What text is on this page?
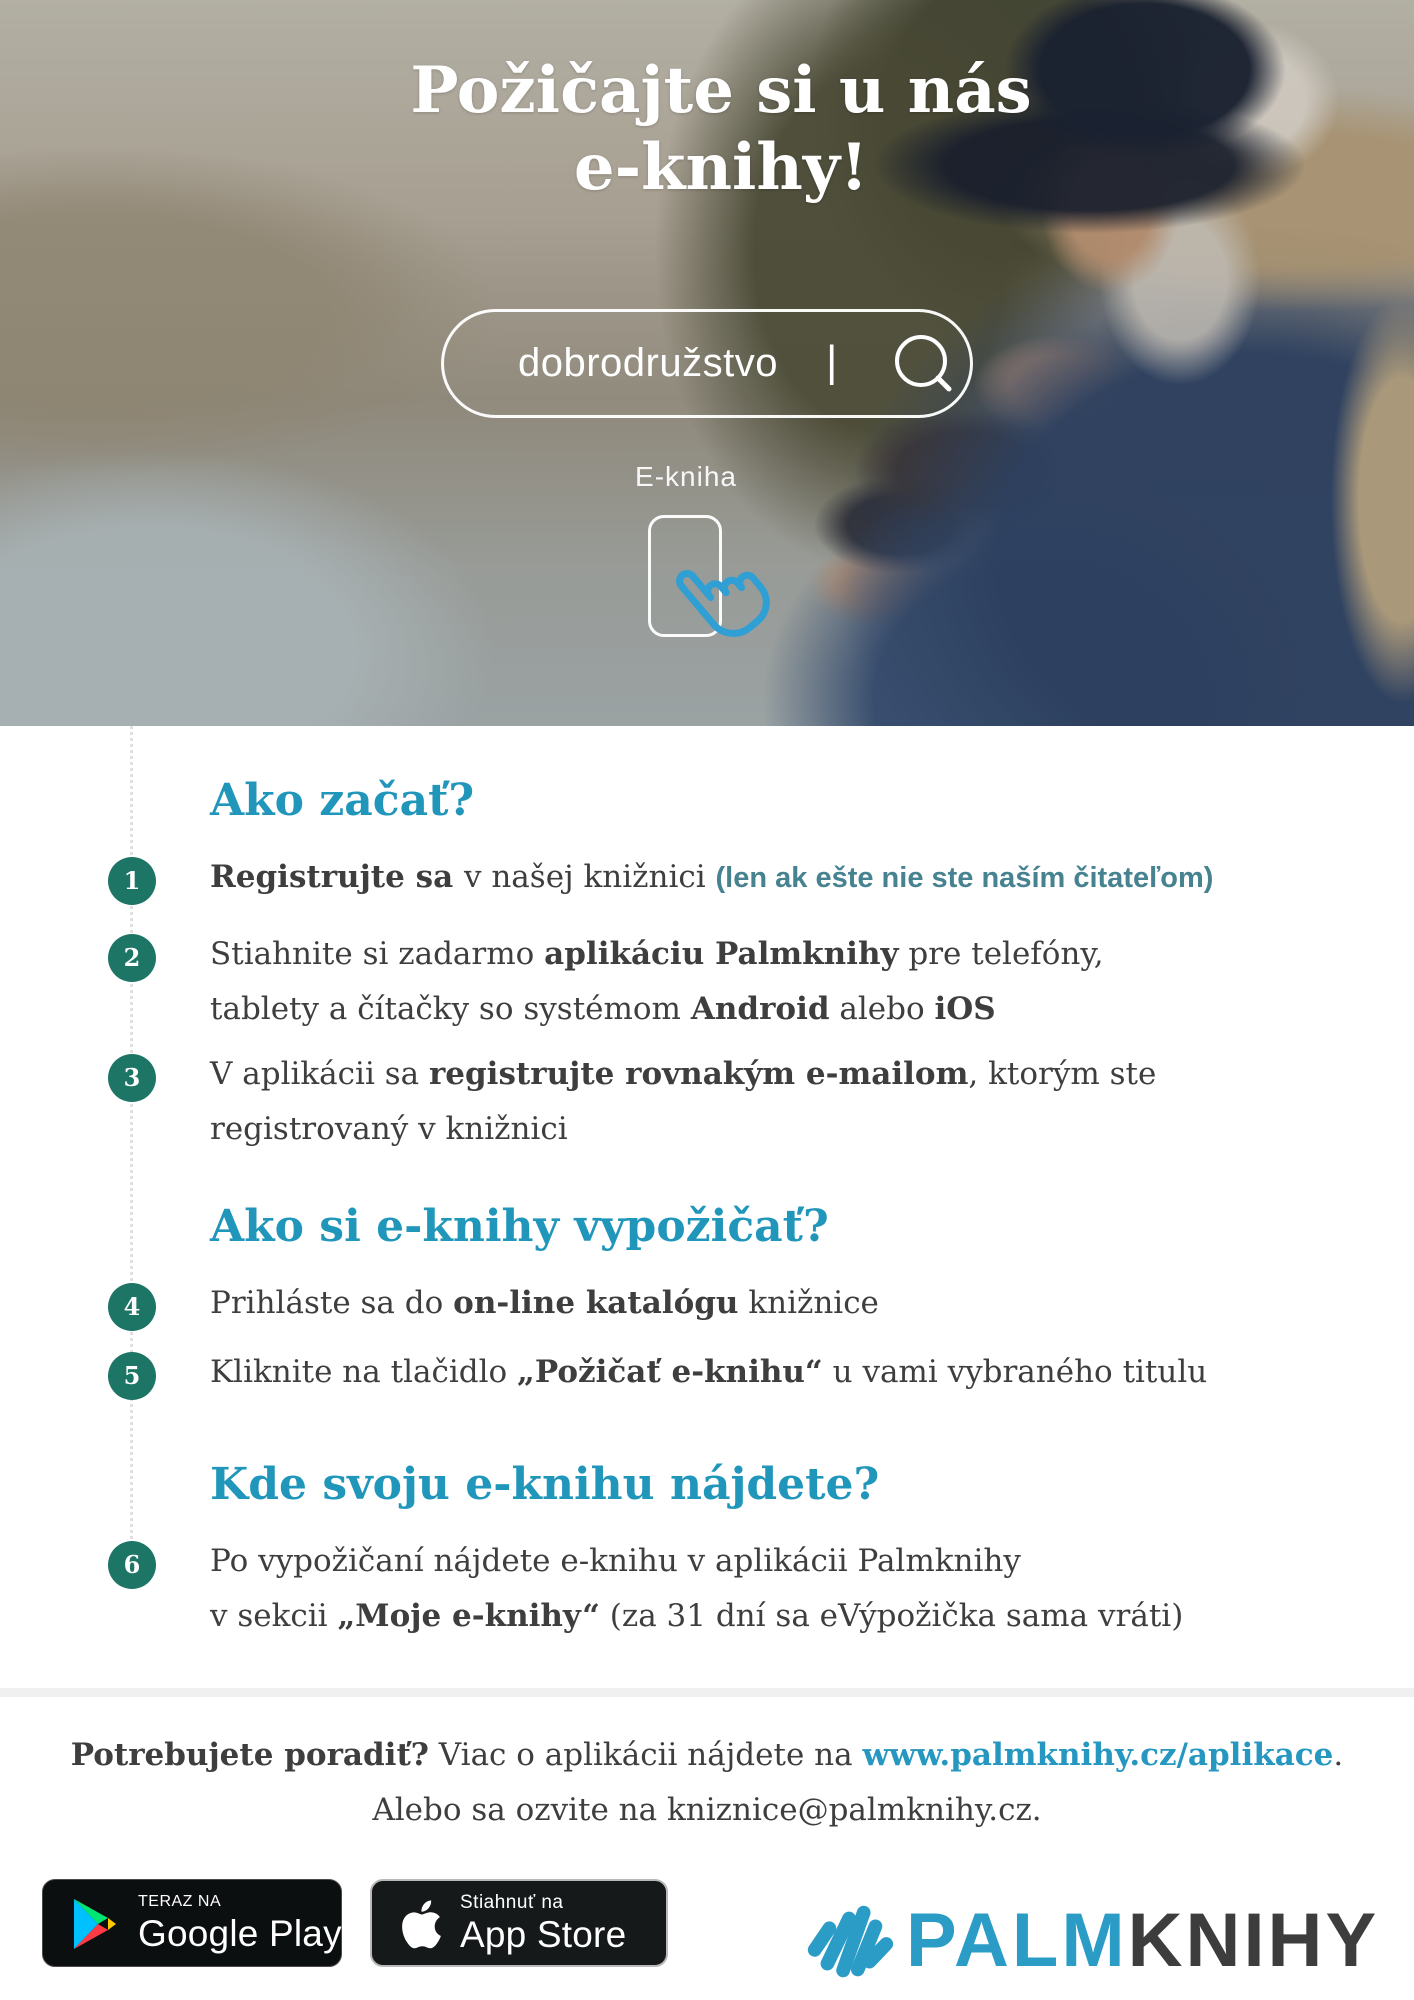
Požičajte si u nás
e-knihy!
dobrodružstvo |
E-kniha
Ako začať?
1	Registrujte sa v našej knižnici (len ak ešte nie ste naším čitateľom)
2	Stiahnite si zadarmo aplikáciu Palmknihy pre telefóny,
tablety a čítačky so systémom Android alebo iOS
3	V aplikácii sa registrujte rovnakým e-mailom, ktorým ste
registrovaný v knižnici
Ako si e-knihy vypožičať?
4	Prihláste sa do on-line katalógu knižnice
5	Kliknite na tlačidlo „Požičať e-knihu“ u vami vybraného titulu
Kde svoju e-knihu nájdete?
6	Po vypožičaní nájdete e-knihu v aplikácii Palmknihy
v sekcii „Moje e-knihy“ (za 31 dní sa eVýpožička sama vráti)
Potrebujete poradiť? Viac o aplikácii nájdete na www.palmknihy.cz/aplikace.
Alebo sa ozvite na kniznice@palmknihy.cz.
TERAZ NA
Google Play
Stiahnuť na
App Store	PALMKNIHY
